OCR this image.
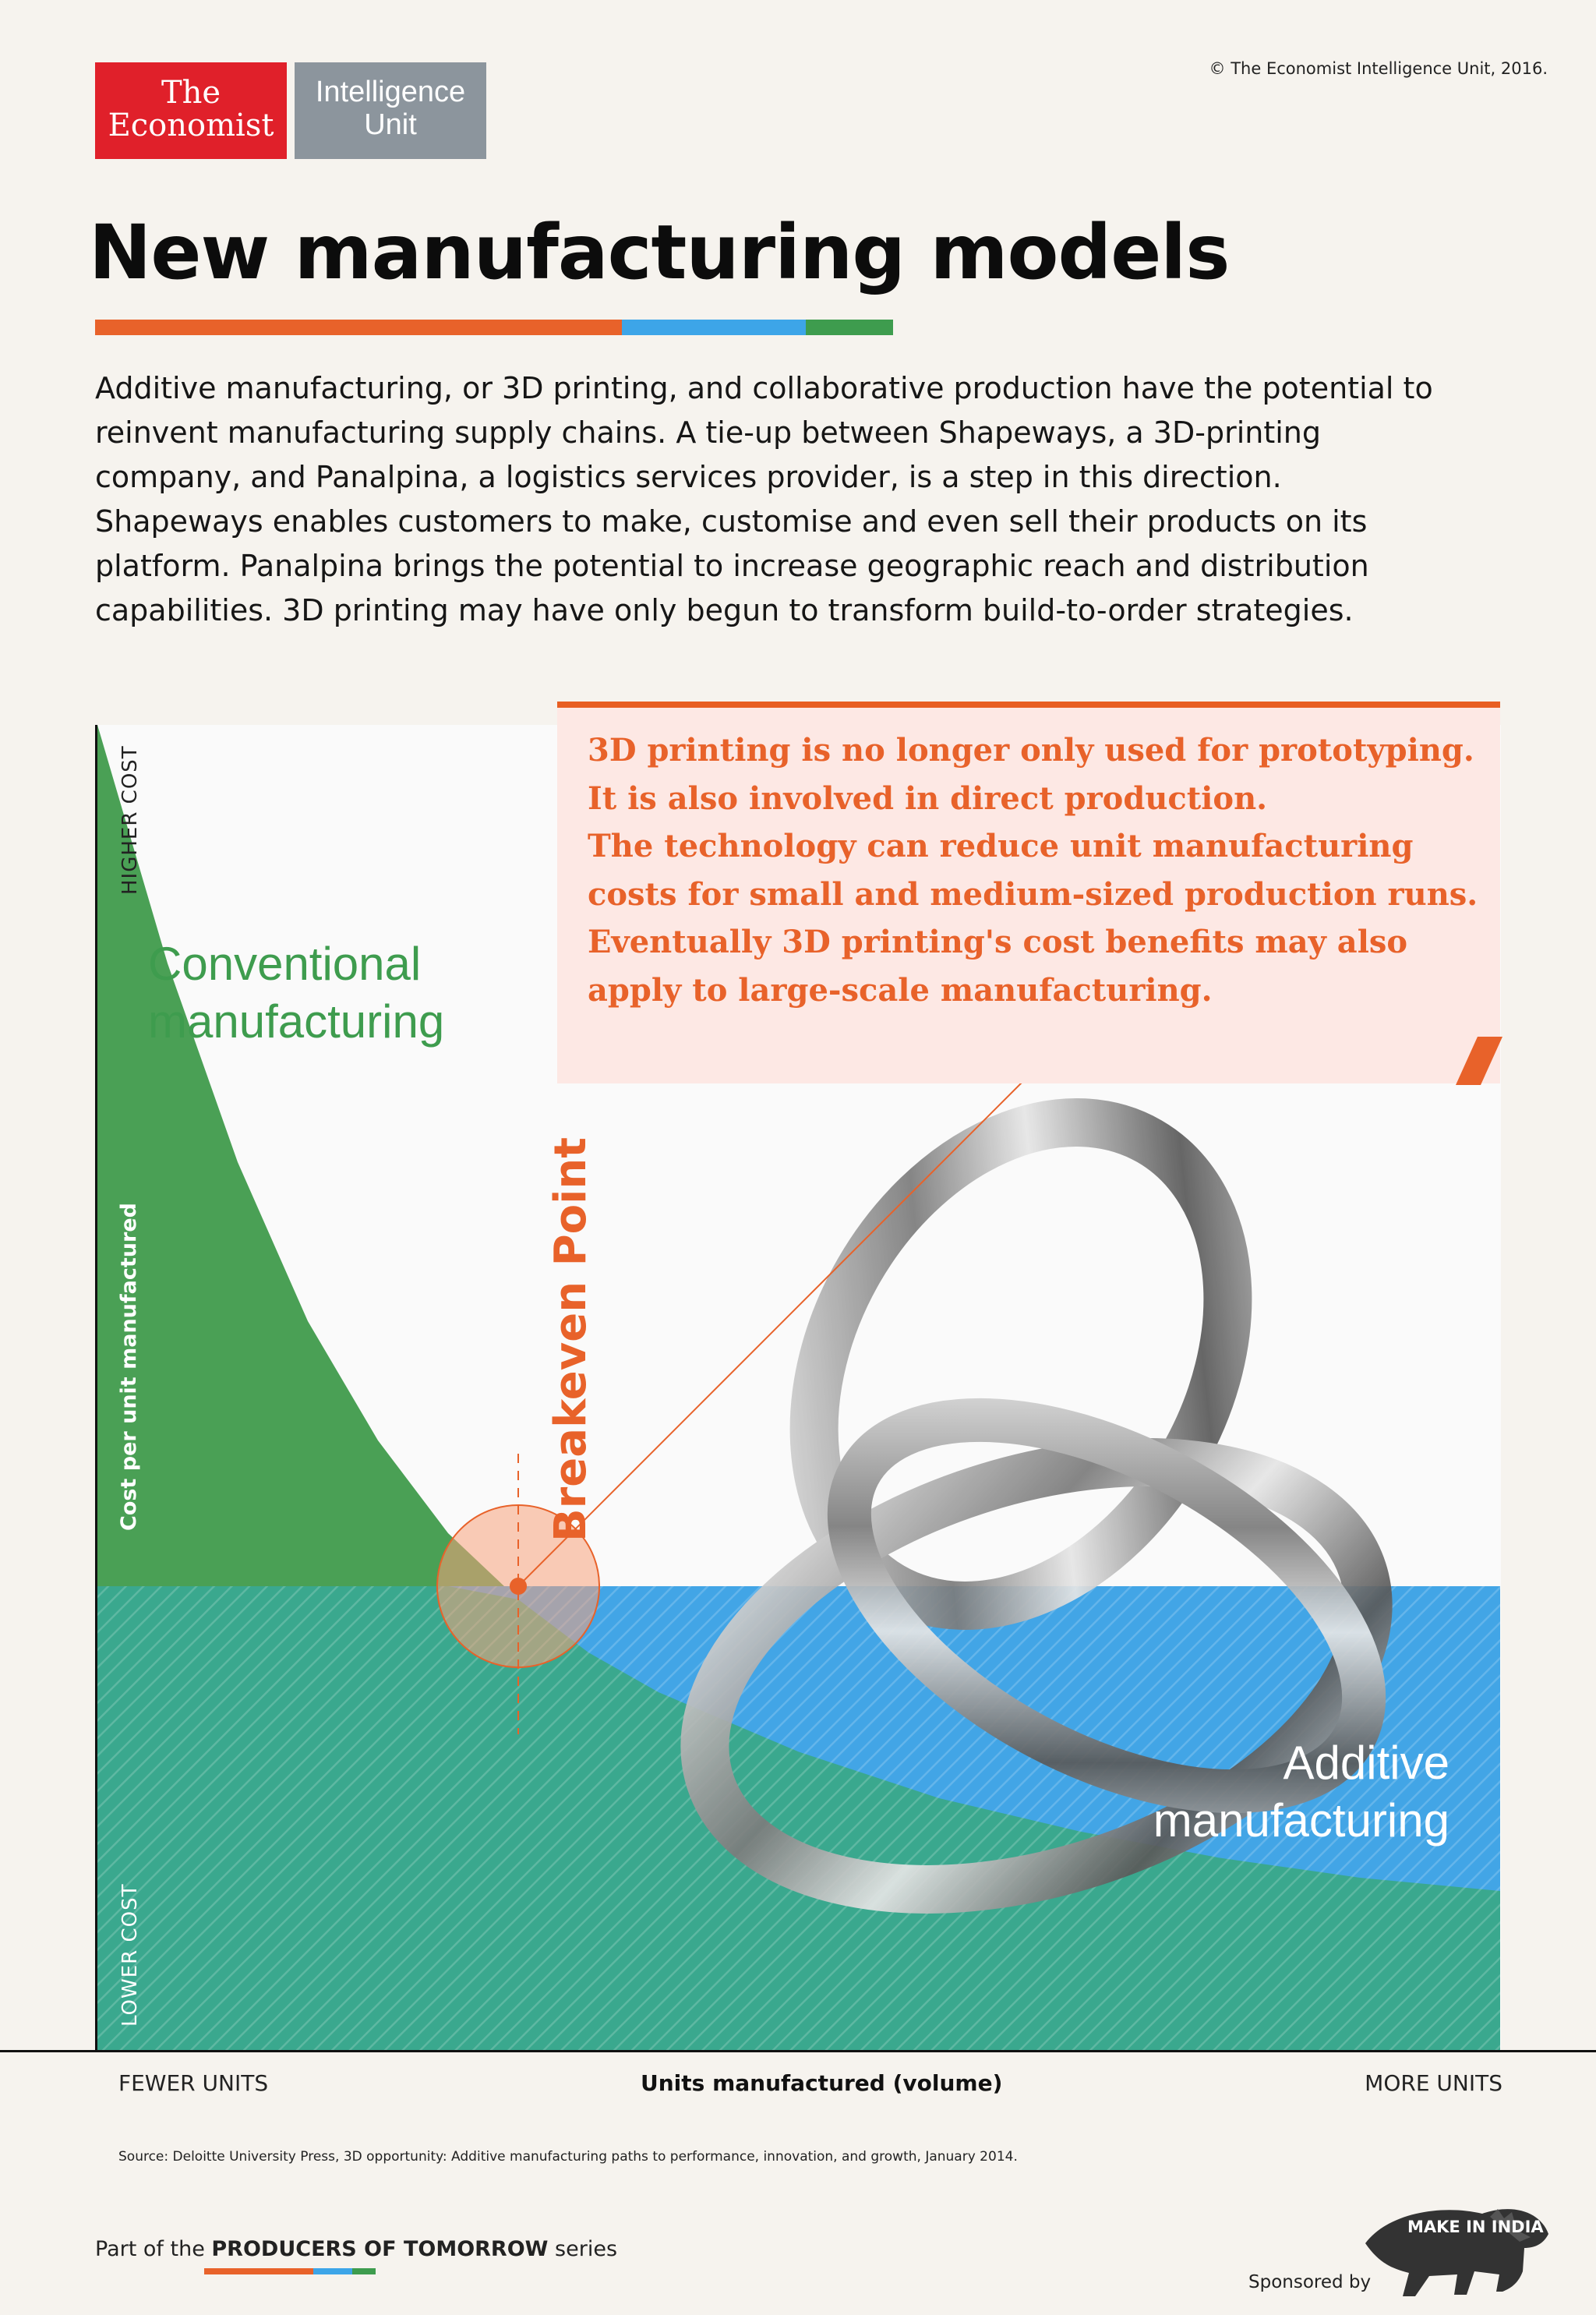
The
Economist
Intelligence
Unit
© The Economist Intelligence Unit, 2016.
New manufacturing models
Additive manufacturing, or 3D printing, and collaborative production have the potential to reinvent manufacturing supply chains. A tie-up between Shapeways, a 3D-printing company, and Panalpina, a logistics services provider, is a step in this direction. Shapeways enables customers to make, customise and even sell their products on its platform. Panalpina brings the potential to increase geographic reach and distribution capabilities. 3D printing may have only begun to transform build-to-order strategies.
3D printing is no longer only used for prototyping.
It is also involved in direct production.
The technology can reduce unit manufacturing
costs for small and medium-sized production runs.
Eventually 3D printing's cost benefits may also
apply to large-scale manufacturing.
Conventional
manufacturing
Additive
manufacturing
Breakeven Point
HIGHER COST
LOWER COST
Cost per unit manufactured
FEWER UNITS	Units manufactured (volume)	MORE UNITS
Source: Deloitte University Press, 3D opportunity: Additive manufacturing paths to performance, innovation, and growth, January 2014.
Part of the PRODUCERS OF TOMORROW series
Sponsored by
MAKE IN INDIA
